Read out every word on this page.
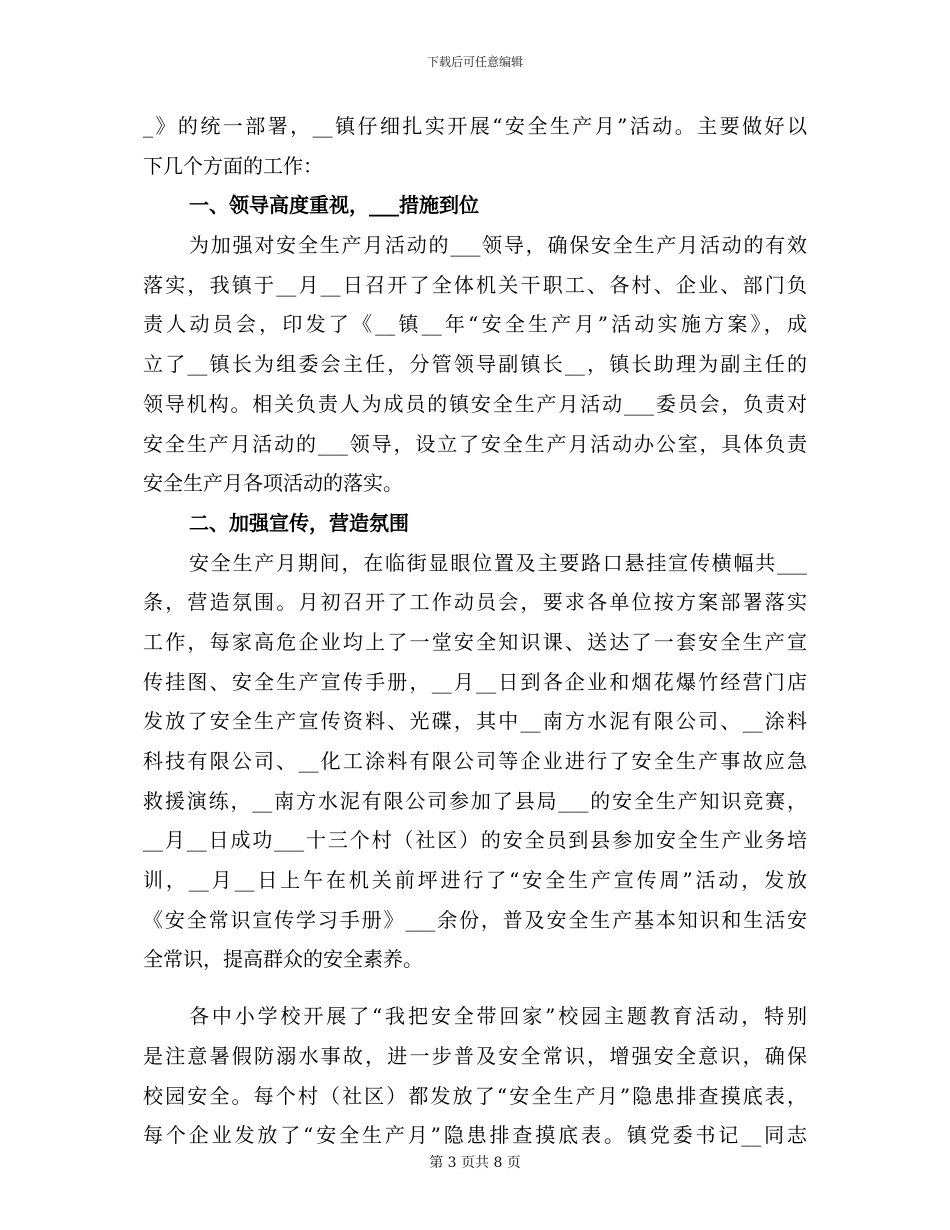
下载后可任意编辑
_》的统一部署，__镇仔细扎实开展“安全生产月”活动。主要做好以
下几个方面的工作：
一、领导高度重视，___措施到位
为加强对安全生产月活动的___领导，确保安全生产月活动的有效
落实，我镇于__月__日召开了全体机关干职工、各村、企业、部门负
责人动员会，印发了《__镇__年“安全生产月”活动实施方案》，成
立了__镇长为组委会主任，分管领导副镇长__，镇长助理为副主任的
领导机构。相关负责人为成员的镇安全生产月活动___委员会，负责对
安全生产月活动的___领导，设立了安全生产月活动办公室，具体负责
安全生产月各项活动的落实。
二、加强宣传，营造氛围
安全生产月期间，在临街显眼位置及主要路口悬挂宣传横幅共___
条，营造氛围。月初召开了工作动员会，要求各单位按方案部署落实
工作，每家高危企业均上了一堂安全知识课、送达了一套安全生产宣
传挂图、安全生产宣传手册，__月__日到各企业和烟花爆竹经营门店
发放了安全生产宣传资料、光碟，其中__南方水泥有限公司、__涂料
科技有限公司、__化工涂料有限公司等企业进行了安全生产事故应急
救援演练，__南方水泥有限公司参加了县局___的安全生产知识竞赛，
__月__日成功___十三个村（社区）的安全员到县参加安全生产业务培
训，__月__日上午在机关前坪进行了“安全生产宣传周”活动，发放
《安全常识宣传学习手册》___余份，普及安全生产基本知识和生活安
全常识，提高群众的安全素养。
各中小学校开展了“我把安全带回家”校园主题教育活动，特别
是注意暑假防溺水事故，进一步普及安全常识，增强安全意识，确保
校园安全。每个村（社区）都发放了“安全生产月”隐患排查摸底表，
每个企业发放了“安全生产月”隐患排查摸底表。镇党委书记__同志
第 3 页共 8 页
